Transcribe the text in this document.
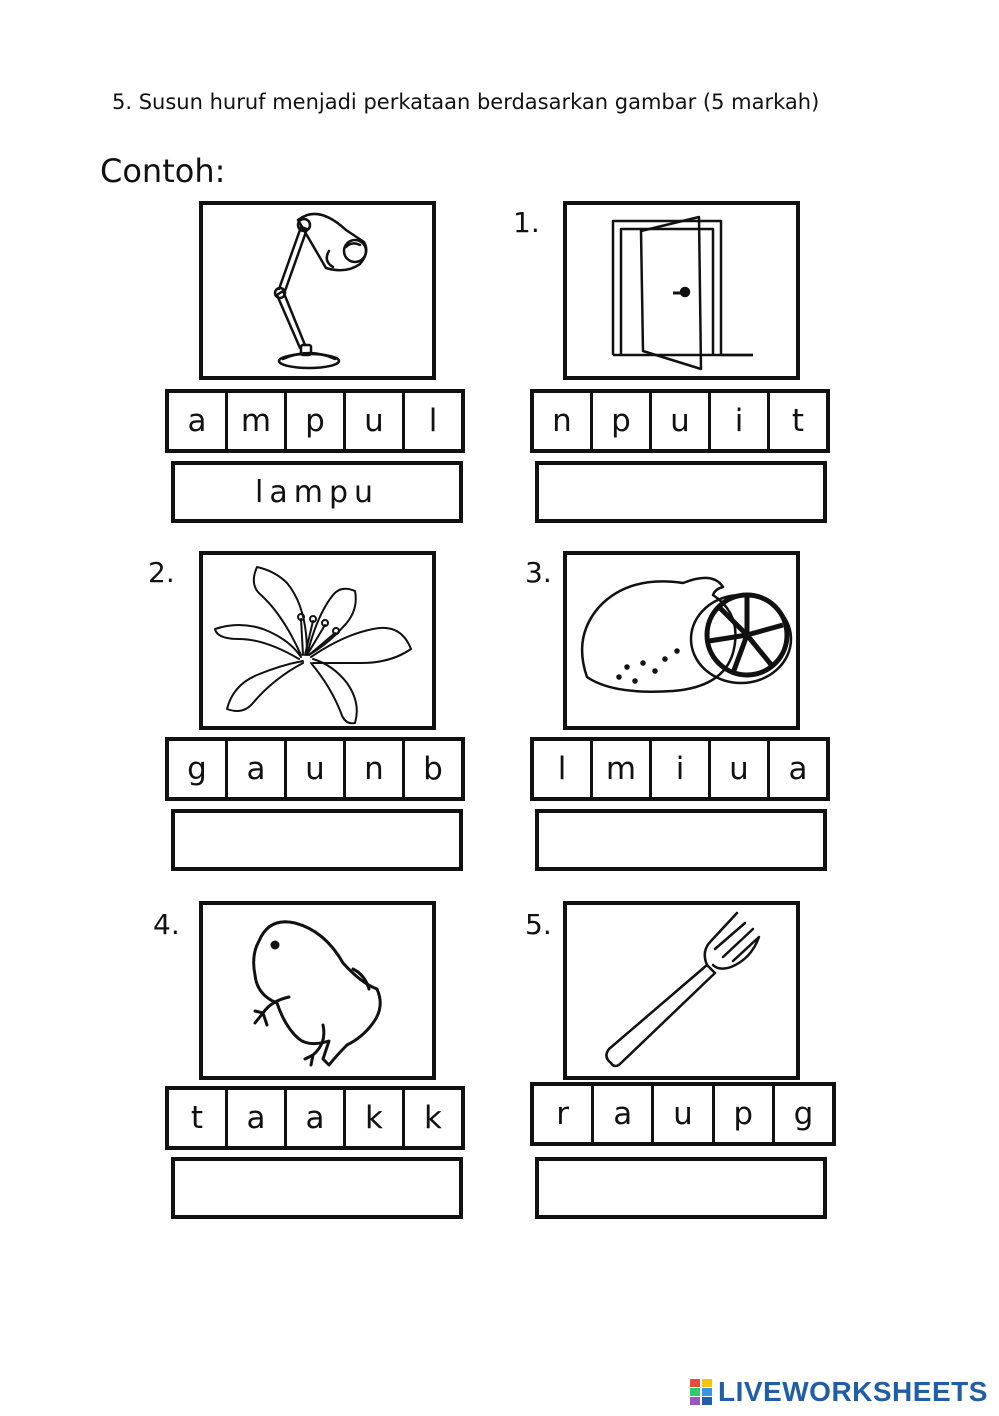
5. Susun huruf menjadi perkataan berdasarkan gambar (5 markah)
Contoh:
a	m	p	u	l
lampu
1.
n	p	u	i	t
2.
g	a	u	n	b
3.
l	m	i	u	a
4.
t	a	a	k	k
5.
r	a	u	p	g
LIVEWORKSHEETS
